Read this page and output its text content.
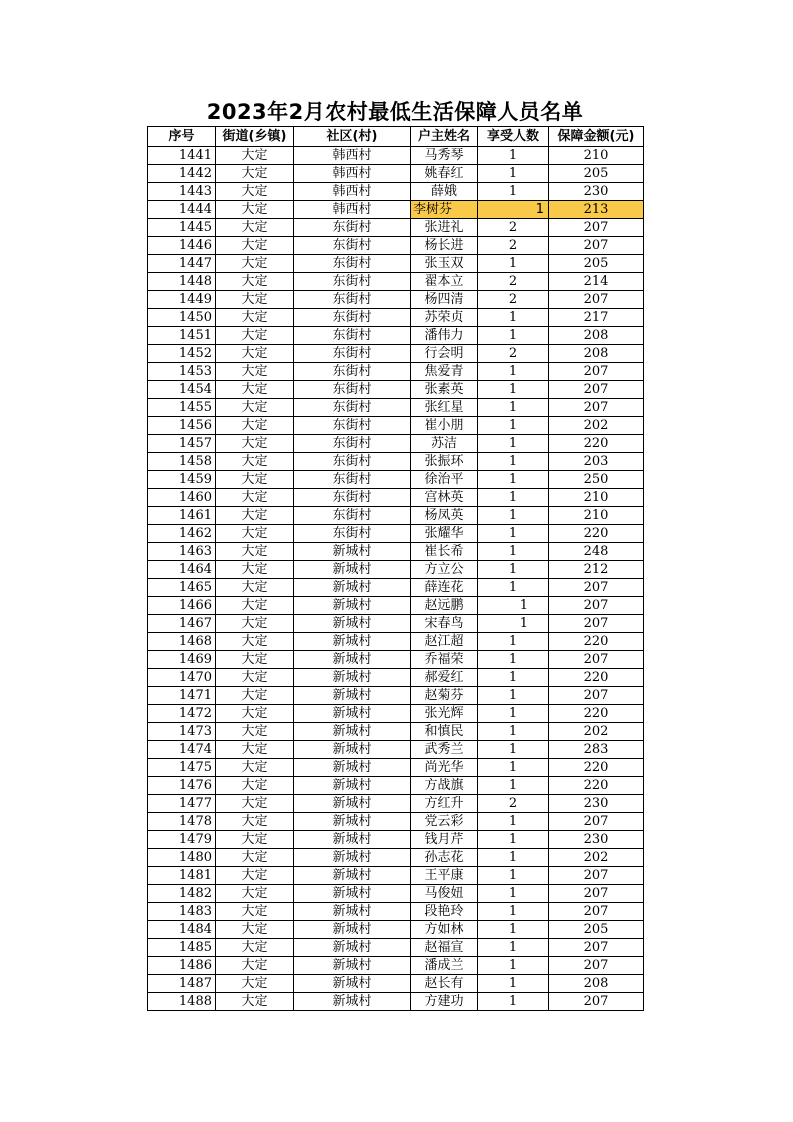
2023年2月农村最低生活保障人员名单
序号	街道(乡镇)	社区(村)	户主姓名	享受人数	保障金额(元)
1441	大定	韩西村	马秀琴	1	210
1442	大定	韩西村	姚春红	1	205
1443	大定	韩西村	薛娥	1	230
1444	大定	韩西村	李树芬	1	213
1445	大定	东街村	张进礼	2	207
1446	大定	东街村	杨长进	2	207
1447	大定	东街村	张玉双	1	205
1448	大定	东街村	翟本立	2	214
1449	大定	东街村	杨四清	2	207
1450	大定	东街村	苏荣贞	1	217
1451	大定	东街村	潘伟力	1	208
1452	大定	东街村	行会明	2	208
1453	大定	东街村	焦爱青	1	207
1454	大定	东街村	张素英	1	207
1455	大定	东街村	张红星	1	207
1456	大定	东街村	崔小朋	1	202
1457	大定	东街村	苏洁	1	220
1458	大定	东街村	张振环	1	203
1459	大定	东街村	徐治平	1	250
1460	大定	东街村	宫林英	1	210
1461	大定	东街村	杨凤英	1	210
1462	大定	东街村	张耀华	1	220
1463	大定	新城村	崔长希	1	248
1464	大定	新城村	方立公	1	212
1465	大定	新城村	薛连花	1	207
1466	大定	新城村	赵远鹏	1	207
1467	大定	新城村	宋春鸟	1	207
1468	大定	新城村	赵江超	1	220
1469	大定	新城村	乔福荣	1	207
1470	大定	新城村	郝爱红	1	220
1471	大定	新城村	赵菊芬	1	207
1472	大定	新城村	张光辉	1	220
1473	大定	新城村	和慎民	1	202
1474	大定	新城村	武秀兰	1	283
1475	大定	新城村	尚光华	1	220
1476	大定	新城村	方战旗	1	220
1477	大定	新城村	方红升	2	230
1478	大定	新城村	党云彩	1	207
1479	大定	新城村	钱月芹	1	230
1480	大定	新城村	孙志花	1	202
1481	大定	新城村	王平康	1	207
1482	大定	新城村	马俊妞	1	207
1483	大定	新城村	段艳玲	1	207
1484	大定	新城村	方如林	1	205
1485	大定	新城村	赵福宣	1	207
1486	大定	新城村	潘成兰	1	207
1487	大定	新城村	赵长有	1	208
1488	大定	新城村	方建功	1	207
